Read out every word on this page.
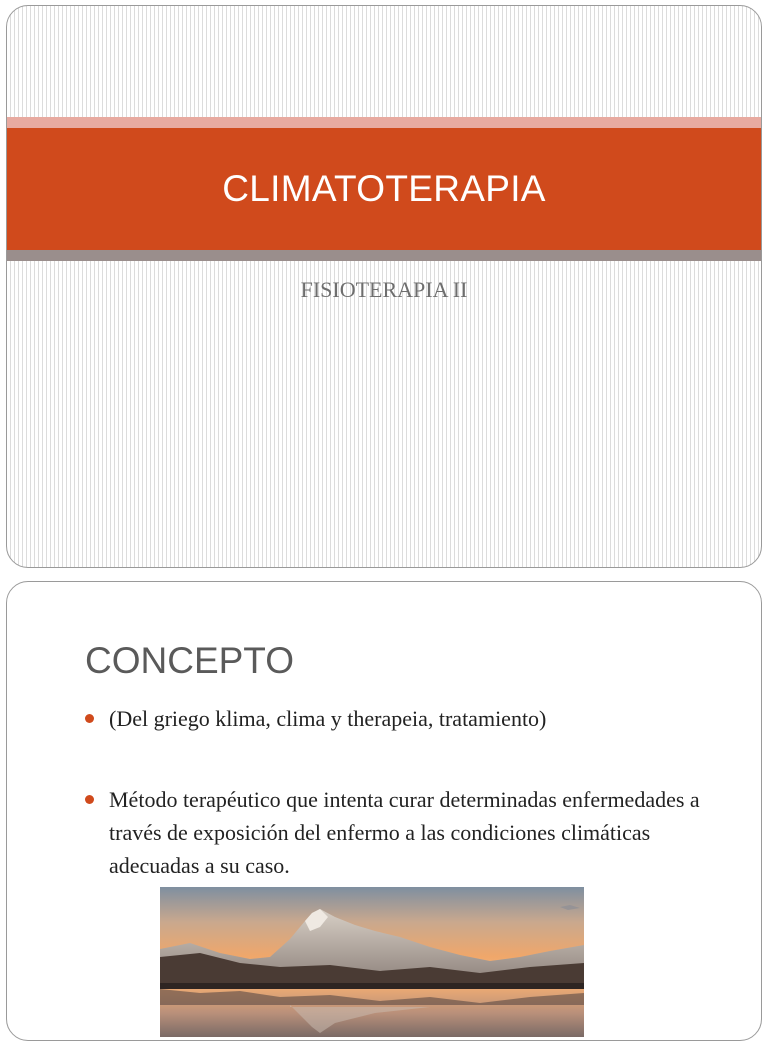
CLIMATOTERAPIA
FISIOTERAPIA II
CONCEPTO
(Del griego klima, clima y therapeia, tratamiento)
Método terapéutico que intenta curar determinadas enfermedades a través de exposición del enfermo a las condiciones climáticas adecuadas a su caso.
